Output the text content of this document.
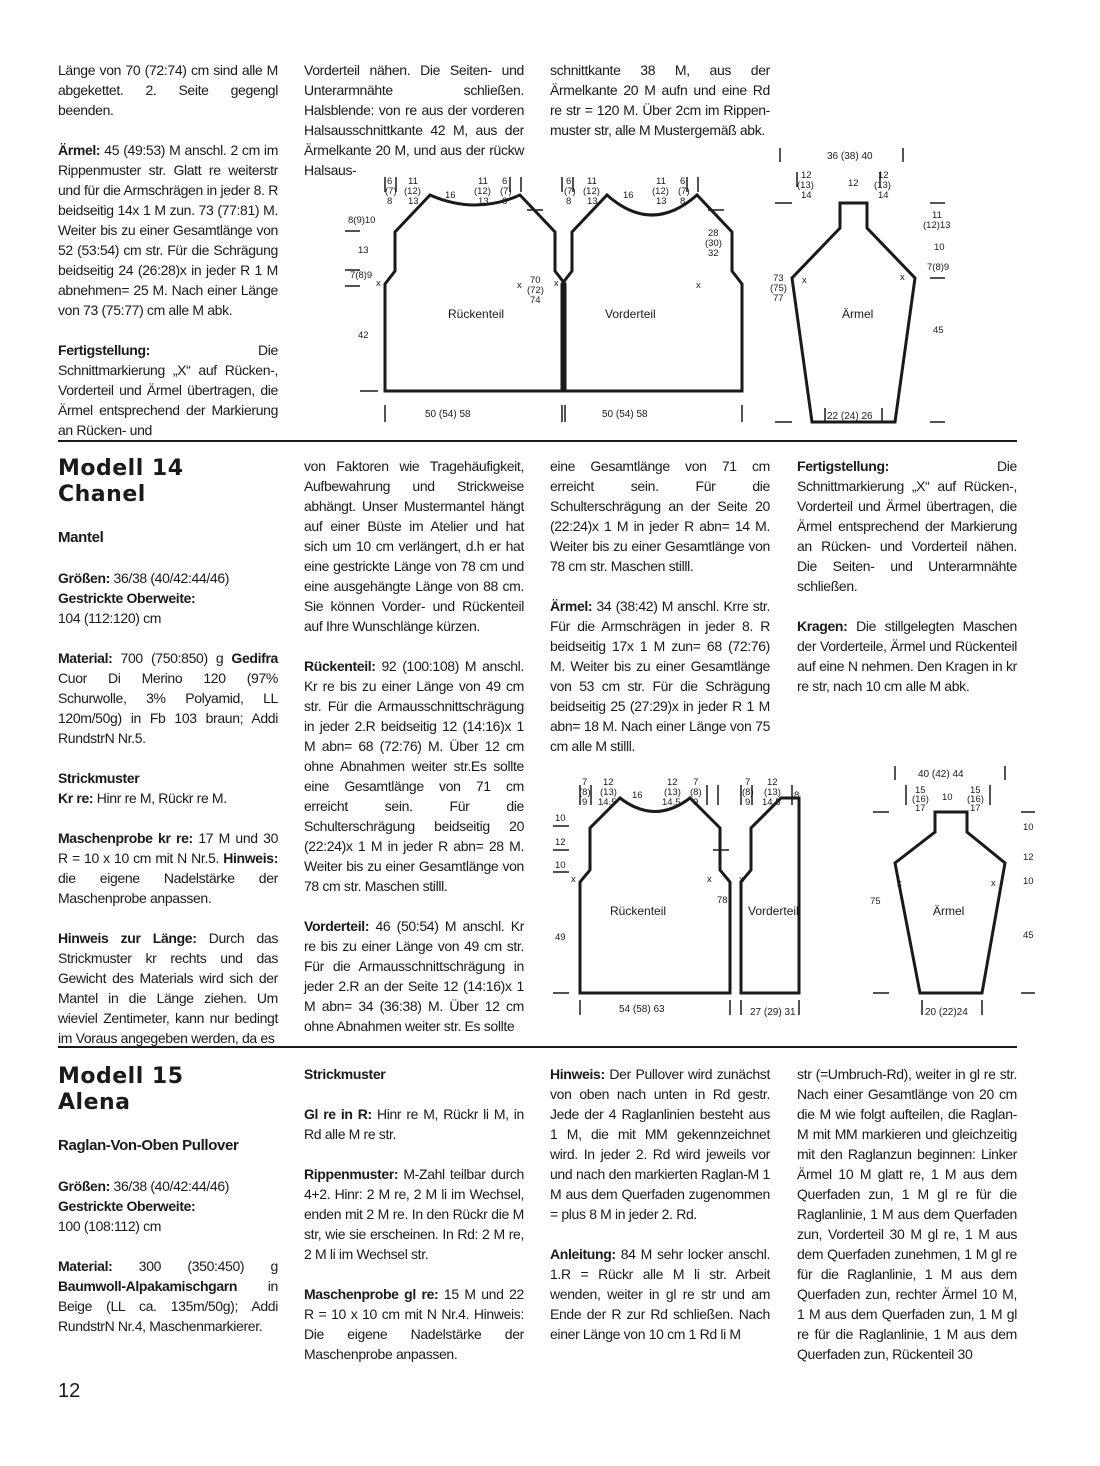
Länge von 70 (72:74) cm sind alle M abgekettet. 2. Seite gegengl beenden.

Ärmel: 45 (49:53) M anschl. 2 cm im Rippenmuster str. Glatt re weiterstr und für die Armschrägen in jeder 8. R beidseitig 14x 1 M zun. 73 (77:81) M. Weiter bis zu einer Gesamtlänge von 52 (53:54) cm str. Für die Schrägung beidseitig 24 (26:28)x in jeder R 1 M abnehmen= 25 M. Nach einer Länge von 73 (75:77) cm alle M abk.

Fertigstellung: Die Schnittmarkierung „X“ auf Rücken-, Vorderteil und Ärmel übertragen, die Ärmel entsprechend der Markierung an Rücken- und

Vorderteil nähen. Die Seiten- und Unterarmnähte schließen. Halsblende: von re aus der vorderen Halsausschnittkante 42 M, aus der Ärmelkante 20 M, und aus der rückw Halsaus-

schnittkante 38 M, aus der Ärmelkante 20 M aufn und eine Rd re str = 120 M. Über 2cm im Rippen-muster str, alle M Mustergemäß abk.

Rückenteil	Vorderteil	Ärmel
50 (54) 58	50 (54) 58	22 (24) 26
36 (38) 40
8(9)10
13
7(8)9
42
6
(7)
8
11
(12)
13
16
11
(12)
13
6
(7)
8
6
(7)
8
11
(12)
13
16
11
(12)
13
6
(7)
8
70
(72)
74
28
(30)
32
73
(75)
77
12
(13)
14
12
12
(13)
14
11
(12)13
10
7(8)9
45
x	x	x	x	x	x
Modell 14
Chanel
Mantel

Größen: 36/38 (40/42:44/46)
Gestrickte Oberweite:
104 (112:120) cm

Material: 700 (750:850) g Gedifra Cuor Di Merino 120 (97% Schurwolle, 3% Polyamid, LL 120m/50g) in Fb 103 braun; Addi RundstrN Nr.5.

Strickmuster
Kr re: Hinr re M, Rückr re M.

Maschenprobe kr re: 17 M und 30 R = 10 x 10 cm mit N Nr.5. Hinweis: die eigene Nadelstärke der Maschenprobe anpassen.

Hinweis zur Länge: Durch das Strickmuster kr rechts und das Gewicht des Materials wird sich der Mantel in die Länge ziehen. Um wieviel Zentimeter, kann nur bedingt im Voraus angegeben werden, da es

von Faktoren wie Tragehäufigkeit, Aufbewahrung und Strickweise abhängt. Unser Mustermantel hängt auf einer Büste im Atelier und hat sich um 10 cm verlängert, d.h er hat eine gestrickte Länge von 78 cm und eine ausgehängte Länge von 88 cm. Sie können Vorder- und Rückenteil auf Ihre Wunschlänge kürzen.

Rückenteil: 92 (100:108) M anschl. Kr re bis zu einer Länge von 49 cm str. Für die Armausschnittschrägung in jeder 2.R beidseitig 12 (14:16)x 1 M abn= 68 (72:76) M. Über 12 cm ohne Abnahmen weiter str.Es sollte eine Gesamtlänge von 71 cm erreicht sein. Für die Schulterschrägung beidseitig 20 (22:24)x 1 M in jeder R abn= 28 M. Weiter bis zu einer Gesamtlänge von 78 cm str. Maschen stilll.

Vorderteil: 46 (50:54) M anschl. Kr re bis zu einer Länge von 49 cm str. Für die Armausschnittschrägung in jeder 2.R an der Seite 12 (14:16)x 1 M abn= 34 (36:38) M. Über 12 cm ohne Abnahmen weiter str. Es sollte

eine Gesamtlänge von 71 cm erreicht sein. Für die Schulterschrägung an der Seite 20 (22:24)x 1 M in jeder R abn= 14 M. Weiter bis zu einer Gesamtlänge von 78 cm str. Maschen stilll.

Ärmel: 34 (38:42) M anschl. Krre str. Für die Armschrägen in jeder 8. R beidseitig 17x 1 M zun= 68 (72:76) M. Weiter bis zu einer Gesamtlänge von 53 cm str. Für die Schrägung beidseitig 25 (27:29)x in jeder R 1 M abn= 18 M. Nach einer Länge von 75 cm alle M stilll.

Fertigstellung: Die Schnittmarkierung „X“ auf Rücken-, Vorderteil und Ärmel übertragen, die Ärmel entsprechend der Markierung an Rücken- und Vorderteil nähen. Die Seiten- und Unterarmnähte schließen.

Kragen: Die stillgelegten Maschen der Vorderteile, Ärmel und Rückenteil auf eine N nehmen. Den Kragen in kr re str, nach 10 cm alle M abk.

Rückenteil	Vorderteil	Ärmel
54 (58) 63	27 (29) 31	20 (22)24
40 (42) 44
7
(8)
9
12
(13)
14,5
16
12
(13)
14,5
7
(8)
9
7
(8)
9
12
(13)
14,5
8	15
(16)
17
10
15
(16)
17
10
12
10
49
78	75
10
12
10
45
x	x	x	x	x
Modell 15
Alena
Raglan-Von-Oben Pullover

Größen: 36/38 (40/42:44/46)
Gestrickte Oberweite:
100 (108:112) cm

Material: 300 (350:450) g Baumwoll-Alpakamischgarn in Beige (LL ca. 135m/50g); Addi RundstrN Nr.4, Maschenmarkierer.

Strickmuster

Gl re in R: Hinr re M, Rückr li M, in Rd alle M re str.

Rippenmuster: M-Zahl teilbar durch 4+2. Hinr: 2 M re, 2 M li im Wechsel, enden mit 2 M re. In den Rückr die M str, wie sie erscheinen. In Rd: 2 M re, 2 M li im Wechsel str.

Maschenprobe gl re: 15 M und 22 R = 10 x 10 cm mit N Nr.4. Hinweis: Die eigene Nadelstärke der Maschenprobe anpassen.

Hinweis: Der Pullover wird zunächst von oben nach unten in Rd gestr. Jede der 4 Raglanlinien besteht aus 1 M, die mit MM gekennzeichnet wird. In jeder 2. Rd wird jeweils vor und nach den markierten Raglan-M 1 M aus dem Querfaden zugenommen = plus 8 M in jeder 2. Rd.

Anleitung: 84 M sehr locker anschl. 1.R = Rückr alle M li str. Arbeit wenden, weiter in gl re str und am Ende der R zur Rd schließen. Nach einer Länge von 10 cm 1 Rd li M

str (=Umbruch-Rd), weiter in gl re str. Nach einer Gesamtlänge von 20 cm die M wie folgt aufteilen, die Raglan-M mit MM markieren und gleichzeitig mit den Raglanzun beginnen: Linker Ärmel 10 M glatt re, 1 M aus dem Querfaden zun, 1 M gl re für die Raglanlinie, 1 M aus dem Querfaden zun, Vorderteil 30 M gl re, 1 M aus dem Querfaden zunehmen, 1 M gl re für die Raglanlinie, 1 M aus dem Querfaden zun, rechter Ärmel 10 M, 1 M aus dem Querfaden zun, 1 M gl re für die Raglanlinie, 1 M aus dem Querfaden zun, Rückenteil 30

12
